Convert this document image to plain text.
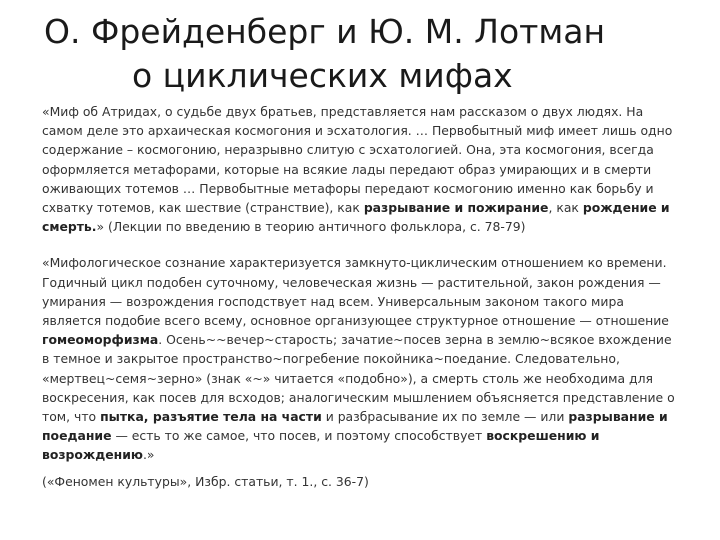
О. Фрейденберг и Ю. М. Лотман
о циклических мифах

«Миф об Атридах, о судьбе двух братьев, представляется нам рассказом о двух людях. На самом деле это архаическая космогония и эсхатология. … Первобытный миф имеет лишь одно содержание – космогонию, неразрывно слитую с эсхатологией. Она, эта космогония, всегда оформляется метафорами, которые на всякие лады передают образ умирающих и в смерти оживающих тотемов … Первобытные метафоры передают космогонию именно как борьбу и схватку тотемов, как шествие (странствие), как разрывание и пожирание, как рождение и смерть.» (Лекции по введению в теорию античного фольклора, с. 78-79)

«Мифологическое сознание характеризуется замкнуто-циклическим отношением ко времени. Годичный цикл подобен суточному, человеческая жизнь — растительной, закон рождения — умирания — возрождения господствует над всем. Универсальным законом такого мира является подобие всего всему, основное организующее структурное отношение — отношение гомеоморфизма. Осень~~вечер~старость; зачатие~посев зерна в землю~всякое вхождение в темное и закрытое пространство~погребение покойника~поедание. Следовательно, «мертвец~семя~зерно» (знак «~» читается «подобно»), а смерть столь же необходима для воскресения, как посев для всходов; аналогическим мышлением объясняется представление о том, что пытка, разъятие тела на части и разбрасывание их по земле — или разрывание и поедание — есть то же самое, что посев, и поэтому способствует воскрешению и возрождению.»

(«Феномен культуры», Избр. статьи, т. 1., с. 36-7)
